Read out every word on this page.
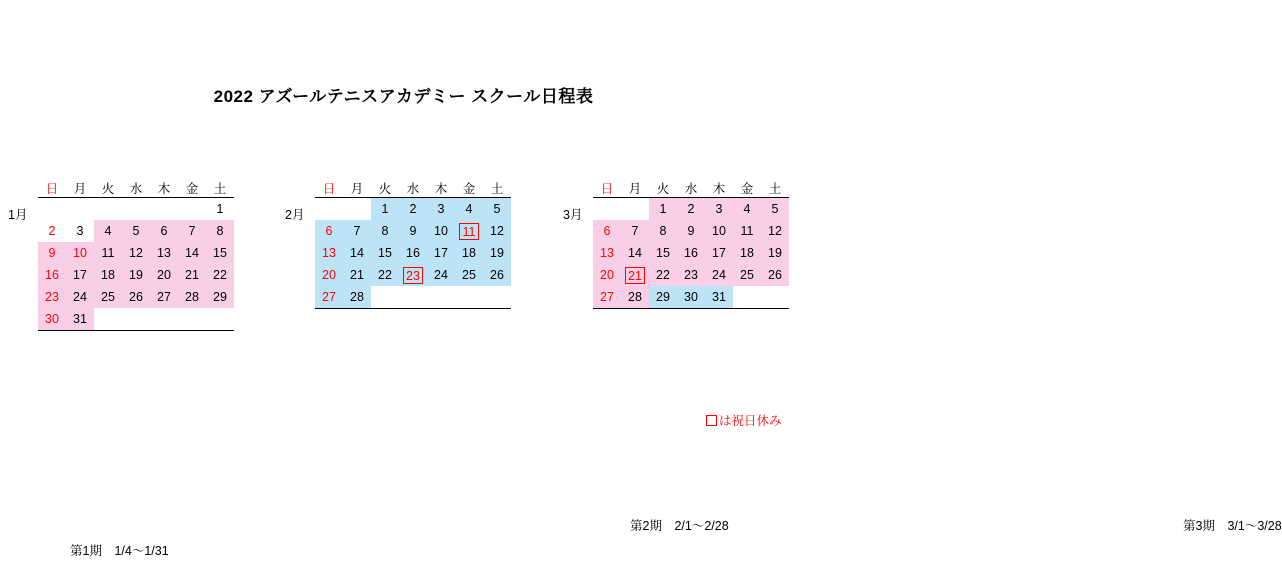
2022 アズールテニスアカデミー スクール日程表
1月
日	月	火	水	木	金	土
						1
2	3	4	5	6	7	8
9	10	11	12	13	14	15
16	17	18	19	20	21	22
23	24	25	26	27	28	29
30	31					
第1期　1/4～1/31
2月
日	月	火	水	木	金	土
		1	2	3	4	5
6	7	8	9	10	11	12
13	14	15	16	17	18	19
20	21	22	23	24	25	26
27	28					
第2期　2/1～2/28
3月
日	月	火	水	木	金	土
		1	2	3	4	5
6	7	8	9	10	11	12
13	14	15	16	17	18	19
20	21	22	23	24	25	26
27	28	29	30	31		
第3期　3/1～3/28
は祝日休み
